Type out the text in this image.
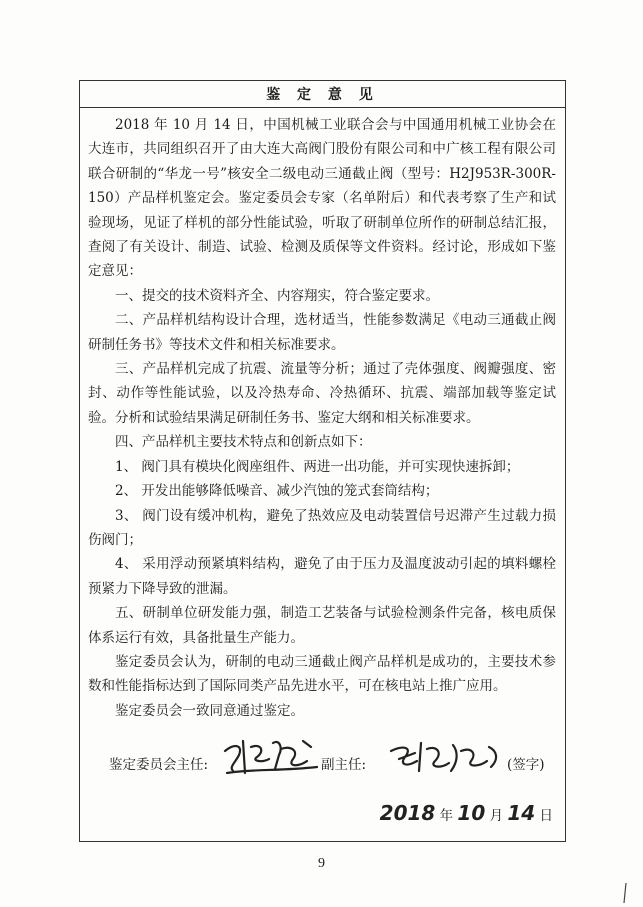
鉴 定 意 见

2018 年 10 月 14 日，中国机械工业联合会与中国通用机械工业协会在大连市，共同组织召开了由大连大高阀门股份有限公司和中广核工程有限公司联合研制的“华龙一号”核安全二级电动三通截止阀（型号：H2J953R-300R-150）产品样机鉴定会。鉴定委员会专家（名单附后）和代表考察了生产和试验现场，见证了样机的部分性能试验，听取了研制单位所作的研制总结汇报，查阅了有关设计、制造、试验、检测及质保等文件资料。经讨论，形成如下鉴定意见：

一、提交的技术资料齐全、内容翔实，符合鉴定要求。

二、产品样机结构设计合理，选材适当，性能参数满足《电动三通截止阀研制任务书》等技术文件和相关标准要求。

三、产品样机完成了抗震、流量等分析；通过了壳体强度、阀瓣强度、密封、动作等性能试验，以及冷热寿命、冷热循环、抗震、端部加载等鉴定试验。分析和试验结果满足研制任务书、鉴定大纲和相关标准要求。

四、产品样机主要技术特点和创新点如下：

1、 阀门具有模块化阀座组件、两进一出功能，并可实现快速拆卸；

2、 开发出能够降低噪音、减少汽蚀的笼式套筒结构；

3、 阀门设有缓冲机构，避免了热效应及电动装置信号迟滞产生过载力损伤阀门；

4、 采用浮动预紧填料结构，避免了由于压力及温度波动引起的填料螺栓预紧力下降导致的泄漏。

五、研制单位研发能力强，制造工艺装备与试验检测条件完备，核电质保体系运行有效，具备批量生产能力。

鉴定委员会认为，研制的电动三通截止阀产品样机是成功的，主要技术参数和性能指标达到了国际同类产品先进水平，可在核电站上推广应用。

鉴定委员会一致同意通过鉴定。

鉴定委员会主任:	副主任:	(签字)
2018 年 10 月 14 日
9
